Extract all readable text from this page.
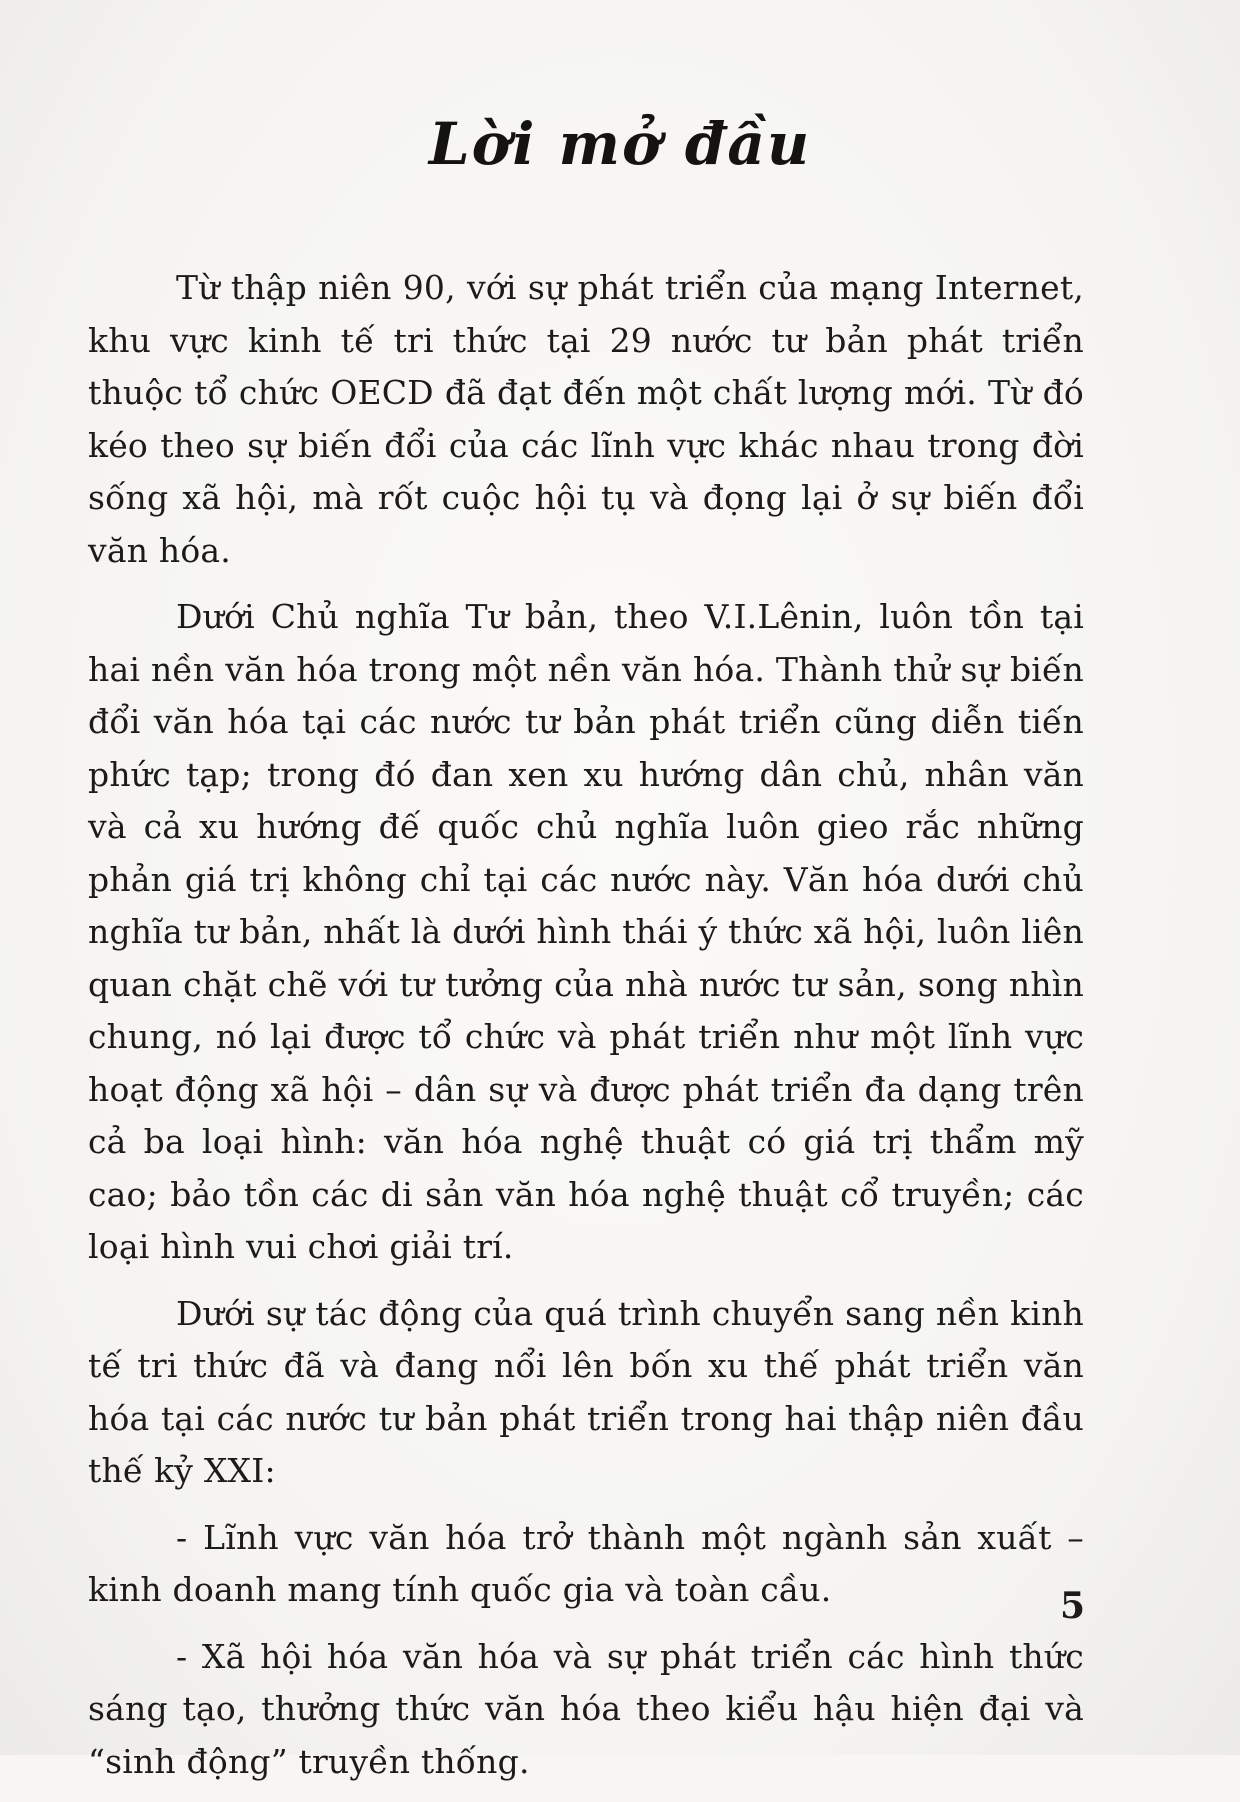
Lời mở đầu

Từ thập niên 90, với sự phát triển của mạng Internet, khu vực kinh tế tri thức tại 29 nước tư bản phát triển thuộc tổ chức OECD đã đạt đến một chất lượng mới. Từ đó kéo theo sự biến đổi của các lĩnh vực khác nhau trong đời sống xã hội, mà rốt cuộc hội tụ và đọng lại ở sự biến đổi văn hóa.

Dưới Chủ nghĩa Tư bản, theo V.I.Lênin, luôn tồn tại hai nền văn hóa trong một nền văn hóa. Thành thử sự biến đổi văn hóa tại các nước tư bản phát triển cũng diễn tiến phức tạp; trong đó đan xen xu hướng dân chủ, nhân văn và cả xu hướng đế quốc chủ nghĩa luôn gieo rắc những phản giá trị không chỉ tại các nước này. Văn hóa dưới chủ nghĩa tư bản, nhất là dưới hình thái ý thức xã hội, luôn liên quan chặt chẽ với tư tưởng của nhà nước tư sản, song nhìn chung, nó lại được tổ chức và phát triển như một lĩnh vực hoạt động xã hội – dân sự và được phát triển đa dạng trên cả ba loại hình: văn hóa nghệ thuật có giá trị thẩm mỹ cao; bảo tồn các di sản văn hóa nghệ thuật cổ truyền; các loại hình vui chơi giải trí.

Dưới sự tác động của quá trình chuyển sang nền kinh tế tri thức đã và đang nổi lên bốn xu thế phát triển văn hóa tại các nước tư bản phát triển trong hai thập niên đầu thế kỷ XXI:

- Lĩnh vực văn hóa trở thành một ngành sản xuất – kinh doanh mang tính quốc gia và toàn cầu.

- Xã hội hóa văn hóa và sự phát triển các hình thức sáng tạo, thưởng thức văn hóa theo kiểu hậu hiện đại và “sinh động” truyền thống.

5
